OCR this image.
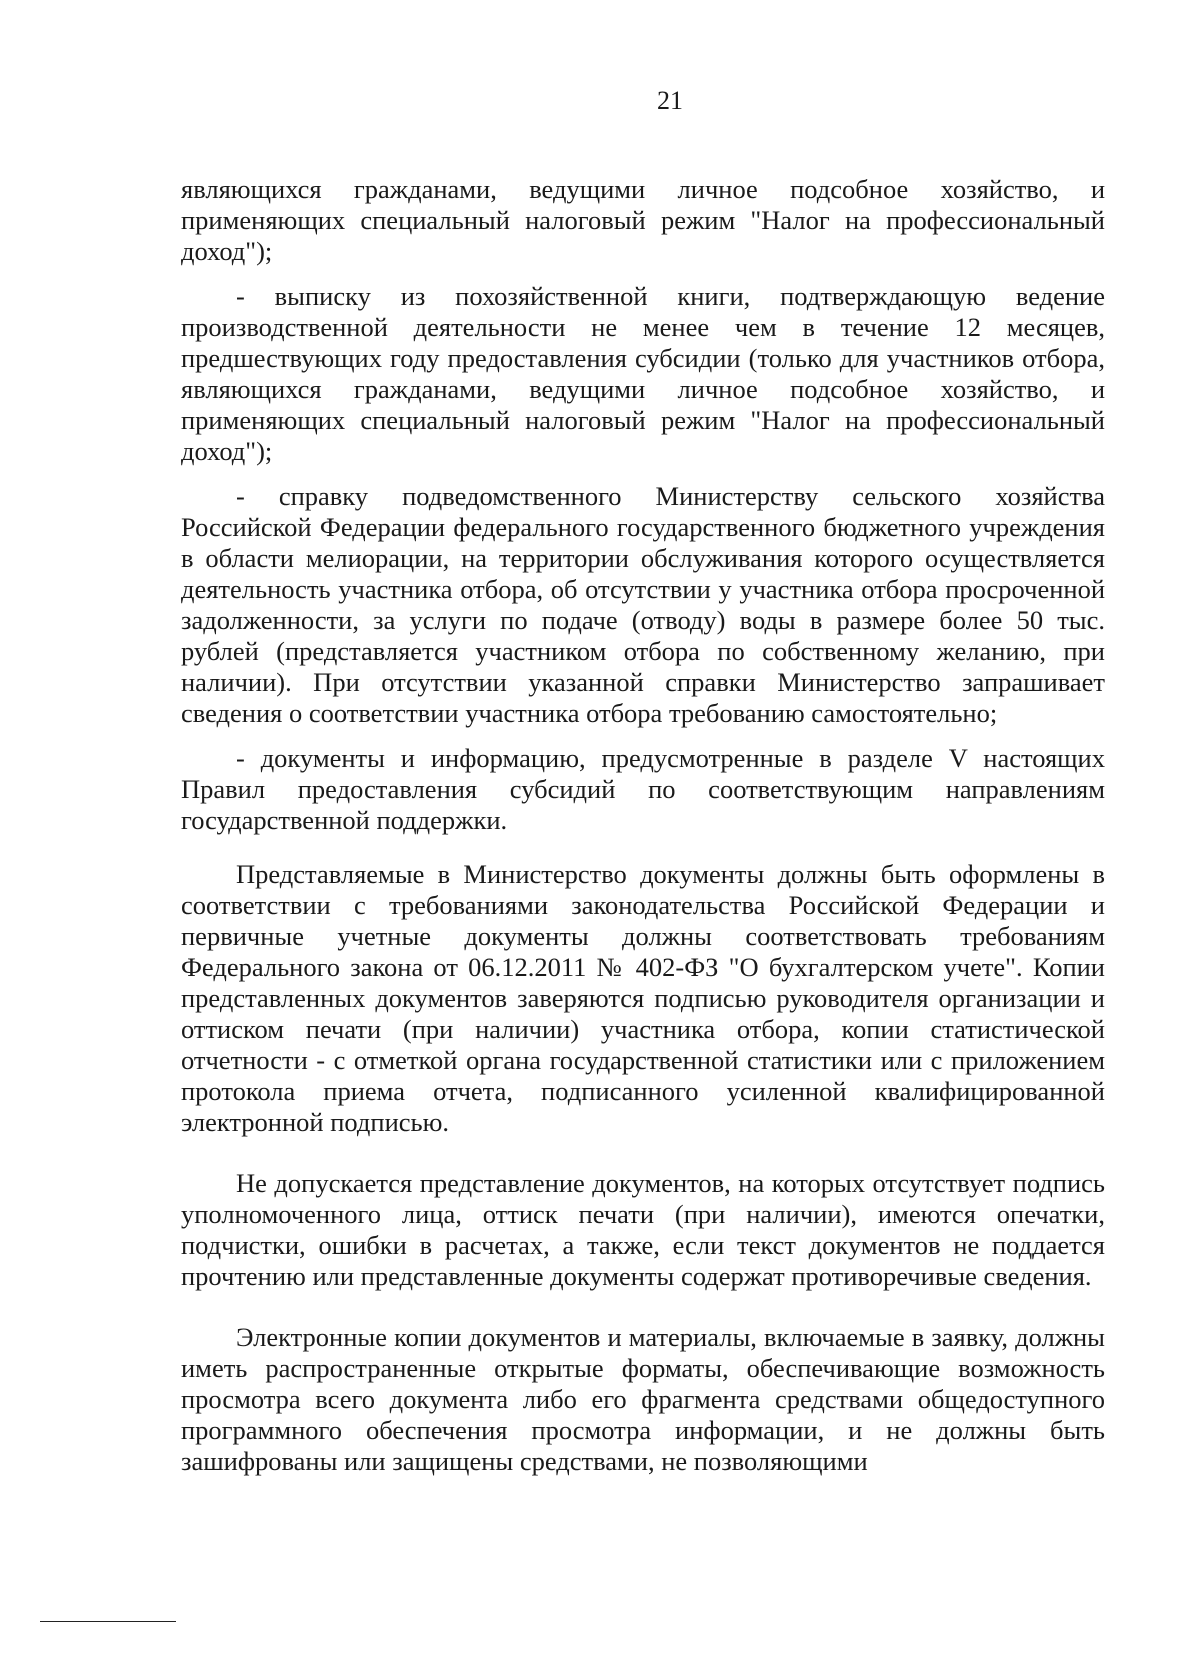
21

являющихся гражданами, ведущими личное подсобное хозяйство, и применяющих специальный налоговый режим "Налог на профессиональный доход");

- выписку из похозяйственной книги, подтверждающую ведение производственной деятельности не менее чем в течение 12 месяцев, предшествующих году предоставления субсидии (только для участников отбора, являющихся гражданами, ведущими личное подсобное хозяйство, и применяющих специальный налоговый режим "Налог на профессиональный доход");

- справку подведомственного Министерству сельского хозяйства Российской Федерации федерального государственного бюджетного учреждения в области мелиорации, на территории обслуживания которого осуществляется деятельность участника отбора, об отсутствии у участника отбора просроченной задолженности, за услуги по подаче (отводу) воды в размере более 50 тыс. рублей (представляется участником отбора по собственному желанию, при наличии). При отсутствии указанной справки Министерство запрашивает сведения о соответствии участника отбора требованию самостоятельно;

- документы и информацию, предусмотренные в разделе V настоящих Правил предоставления субсидий по соответствующим направлениям государственной поддержки.

Представляемые в Министерство документы должны быть оформлены в соответствии с требованиями законодательства Российской Федерации и первичные учетные документы должны соответствовать требованиям Федерального закона от 06.12.2011 № 402-ФЗ "О бухгалтерском учете". Копии представленных документов заверяются подписью руководителя организации и оттиском печати (при наличии) участника отбора, копии статистической отчетности - с отметкой органа государственной статистики или с приложением протокола приема отчета, подписанного усиленной квалифицированной электронной подписью.

Не допускается представление документов, на которых отсутствует подпись уполномоченного лица, оттиск печати (при наличии), имеются опечатки, подчистки, ошибки в расчетах, а также, если текст документов не поддается прочтению или представленные документы содержат противоречивые сведения.

Электронные копии документов и материалы, включаемые в заявку, должны иметь распространенные открытые форматы, обеспечивающие возможность просмотра всего документа либо его фрагмента средствами общедоступного программного обеспечения просмотра информации, и не должны быть зашифрованы или защищены средствами, не позволяющими
